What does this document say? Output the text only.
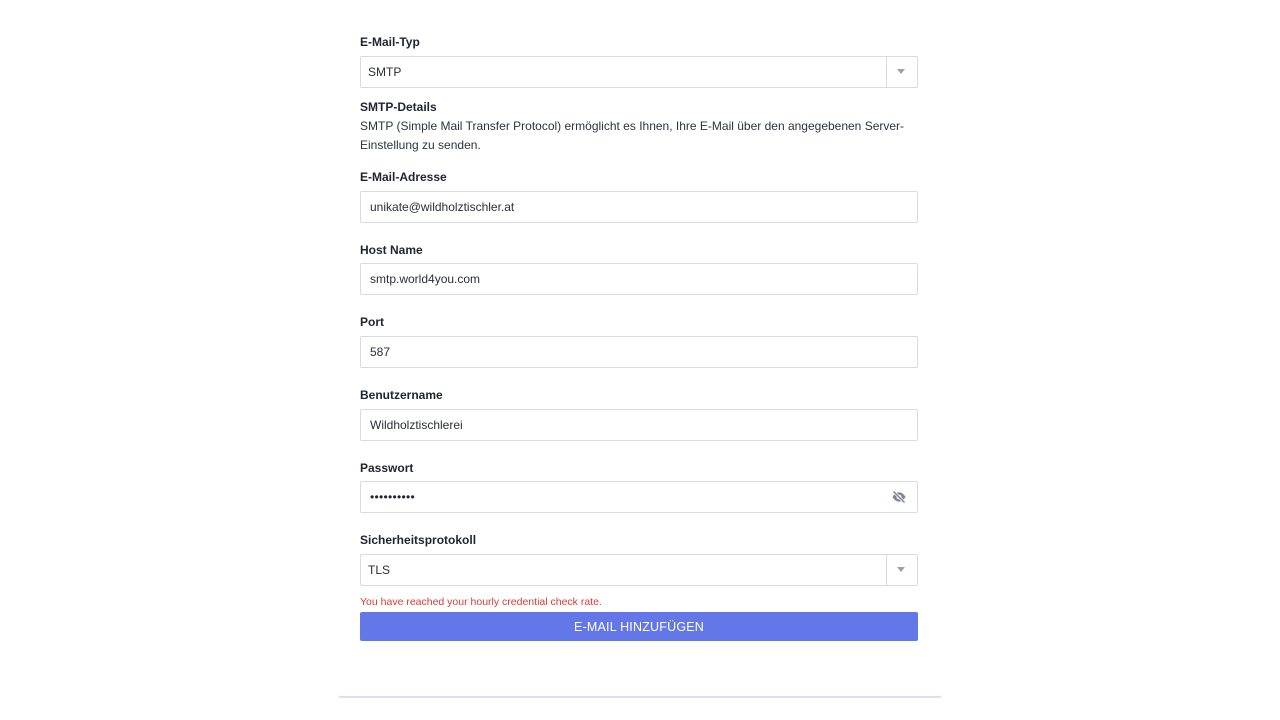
E-Mail-Typ
SMTP
SMTP-Details
SMTP (Simple Mail Transfer Protocol) ermöglicht es Ihnen, Ihre E-Mail über den angegebenen Server-Einstellung zu senden.
E-Mail-Adresse
unikate@wildholztischler.at
Host Name
smtp.world4you.com
Port
587
Benutzername
Wildholztischlerei
Passwort
••••••••••
Sicherheitsprotokoll
TLS
You have reached your hourly credential check rate.
E-MAIL HINZUFÜGEN
